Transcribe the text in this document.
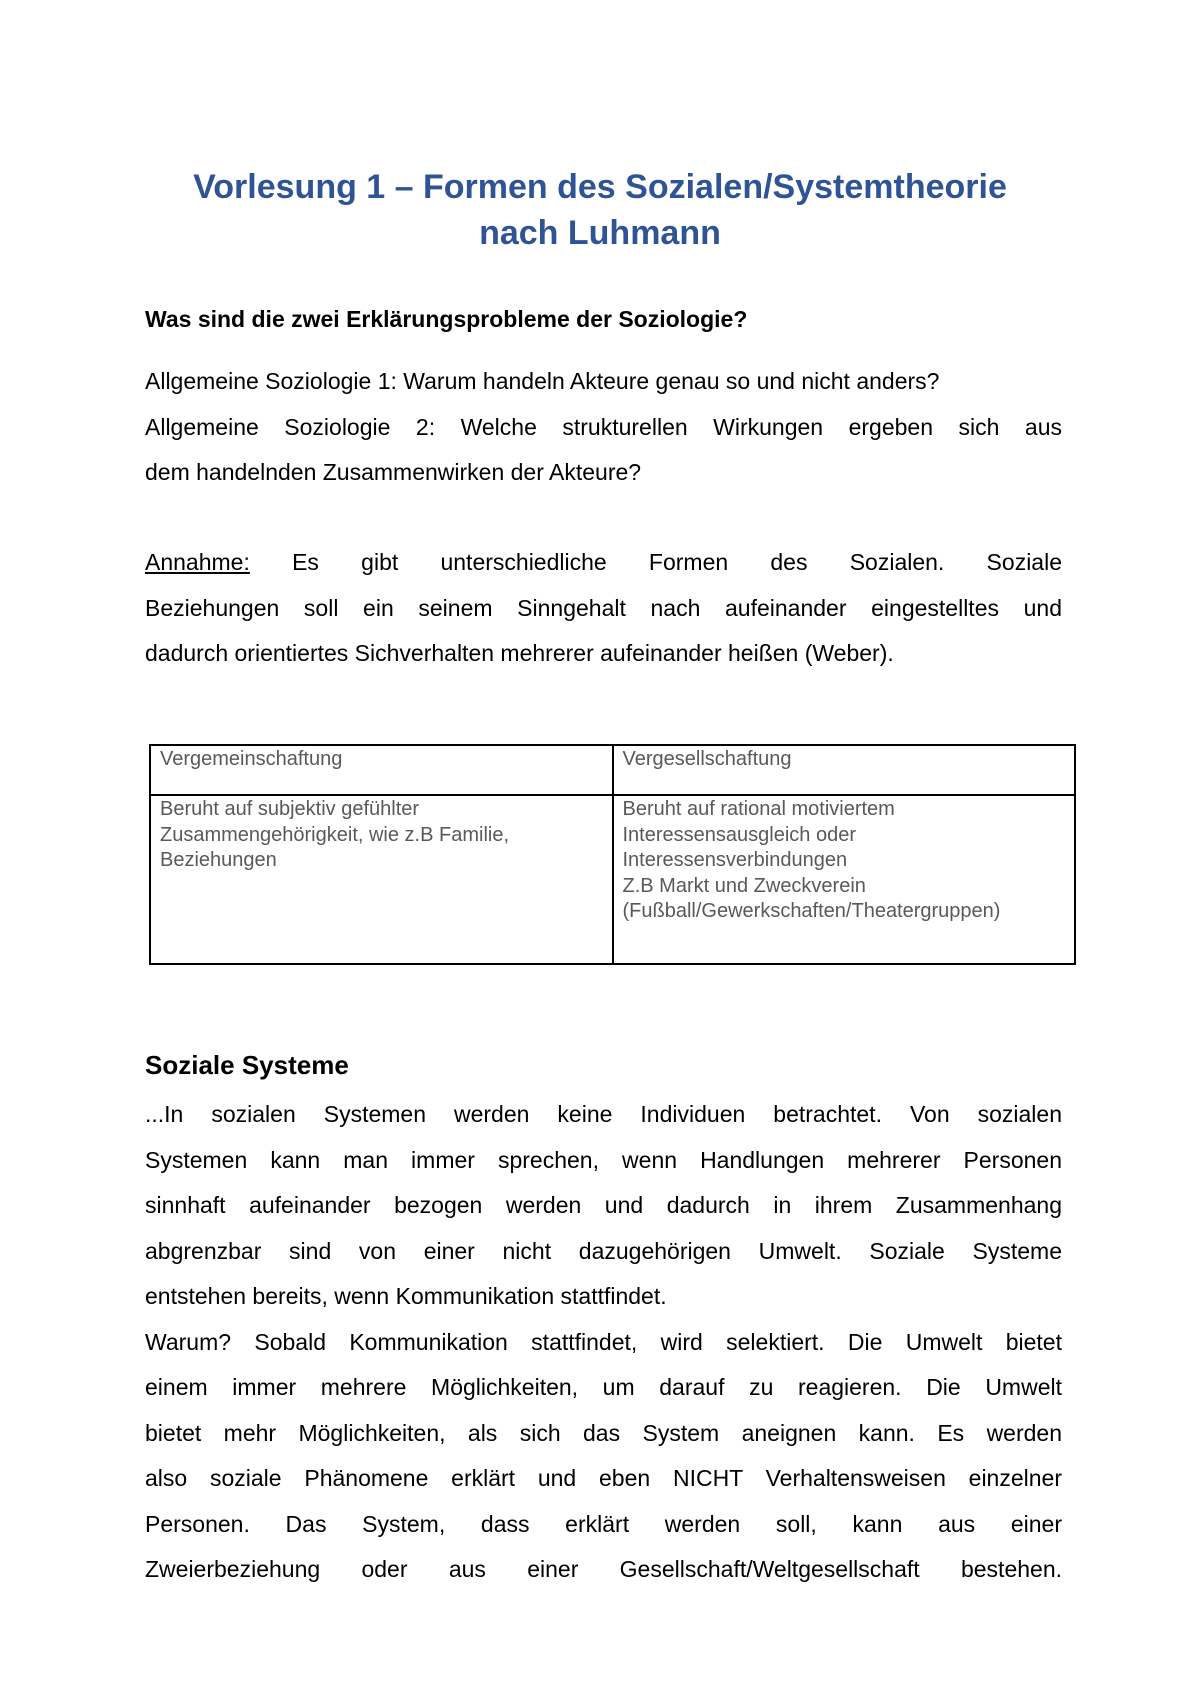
Vorlesung 1 – Formen des Sozialen/Systemtheorie
nach Luhmann
Was sind die zwei Erklärungsprobleme der Soziologie?
Allgemeine Soziologie 1: Warum handeln Akteure genau so und nicht anders?
Allgemeine Soziologie 2: Welche strukturellen Wirkungen ergeben sich aus
dem handelnden Zusammenwirken der Akteure?
Annahme: Es gibt unterschiedliche Formen des Sozialen. Soziale
Beziehungen soll ein seinem Sinngehalt nach aufeinander eingestelltes und
dadurch orientiertes Sichverhalten mehrerer aufeinander heißen (Weber).
Vergemeinschaftung	Vergesellschaftung

Beruht auf subjektiv gefühlter
Zusammengehörigkeit, wie z.B Familie,
Beziehungen	Beruht auf rational motiviertem
Interessensausgleich oder
Interessensverbindungen
Z.B Markt und Zweckverein
(Fußball/Gewerkschaften/Theatergruppen)
Soziale Systeme
...In sozialen Systemen werden keine Individuen betrachtet. Von sozialen
Systemen kann man immer sprechen, wenn Handlungen mehrerer Personen
sinnhaft aufeinander bezogen werden und dadurch in ihrem Zusammenhang
abgrenzbar sind von einer nicht dazugehörigen Umwelt. Soziale Systeme
entstehen bereits, wenn Kommunikation stattfindet.
Warum? Sobald Kommunikation stattfindet, wird selektiert. Die Umwelt bietet
einem immer mehrere Möglichkeiten, um darauf zu reagieren. Die Umwelt
bietet mehr Möglichkeiten, als sich das System aneignen kann. Es werden
also soziale Phänomene erklärt und eben NICHT Verhaltensweisen einzelner
Personen. Das System, dass erklärt werden soll, kann aus einer
Zweierbeziehung oder aus einer Gesellschaft/Weltgesellschaft bestehen.
